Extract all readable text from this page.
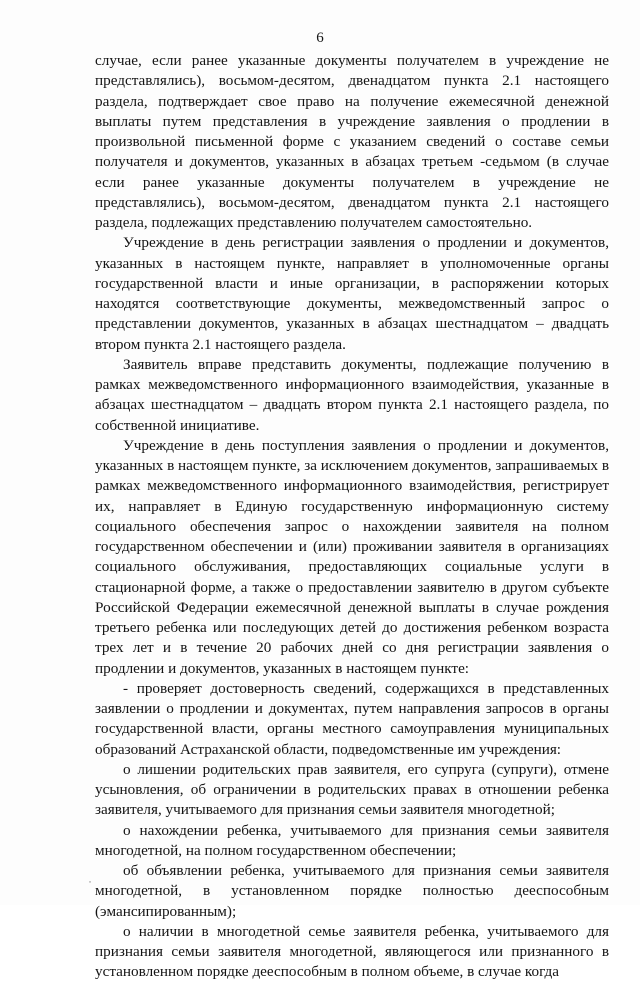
6

случае, если ранее указанные документы получателем в учреждение не представлялись), восьмом-десятом, двенадцатом пункта 2.1 настоящего раздела, подтверждает свое право на получение ежемесячной денежной выплаты путем представления в учреждение заявления о продлении в произвольной письменной форме с указанием сведений о составе семьи получателя и документов, указанных в абзацах третьем -седьмом (в случае если ранее указанные документы получателем в учреждение не представлялись), восьмом-десятом, двенадцатом пункта 2.1 настоящего раздела, подлежащих представлению получателем самостоятельно.

Учреждение в день регистрации заявления о продлении и документов, указанных в настоящем пункте, направляет в уполномоченные органы государственной власти и иные организации, в распоряжении которых находятся соответствующие документы, межведомственный запрос о представлении документов, указанных в абзацах шестнадцатом – двадцать втором пункта 2.1 настоящего раздела.

Заявитель вправе представить документы, подлежащие получению в рамках межведомственного информационного взаимодействия, указанные в абзацах шестнадцатом – двадцать втором пункта 2.1 настоящего раздела, по собственной инициативе.

Учреждение в день поступления заявления о продлении и документов, указанных в настоящем пункте, за исключением документов, запрашиваемых в рамках межведомственного информационного взаимодействия, регистрирует их, направляет в Единую государственную информационную систему социального обеспечения запрос о нахождении заявителя на полном государственном обеспечении и (или) проживании заявителя в организациях социального обслуживания, предоставляющих социальные услуги в стационарной форме, а также о предоставлении заявителю в другом субъекте Российской Федерации ежемесячной денежной выплаты в случае рождения третьего ребенка или последующих детей до достижения ребенком возраста трех лет и в течение 20 рабочих дней со дня регистрации заявления о продлении и документов, указанных в настоящем пункте:

- проверяет достоверность сведений, содержащихся в представленных заявлении о продлении и документах, путем направления запросов в органы государственной власти, органы местного самоуправления муниципальных образований Астраханской области, подведомственные им учреждения:

о лишении родительских прав заявителя, его супруга (супруги), отмене усыновления, об ограничении в родительских правах в отношении ребенка заявителя, учитываемого для признания семьи заявителя многодетной;

о нахождении ребенка, учитываемого для признания семьи заявителя многодетной, на полном государственном обеспечении;

об объявлении ребенка, учитываемого для признания семьи заявителя многодетной, в установленном порядке полностью дееспособным (эмансипированным);

о наличии в многодетной семье заявителя ребенка, учитываемого для признания семьи заявителя многодетной, являющегося или признанного в установленном порядке дееспособным в полном объеме, в случае когда

˙
